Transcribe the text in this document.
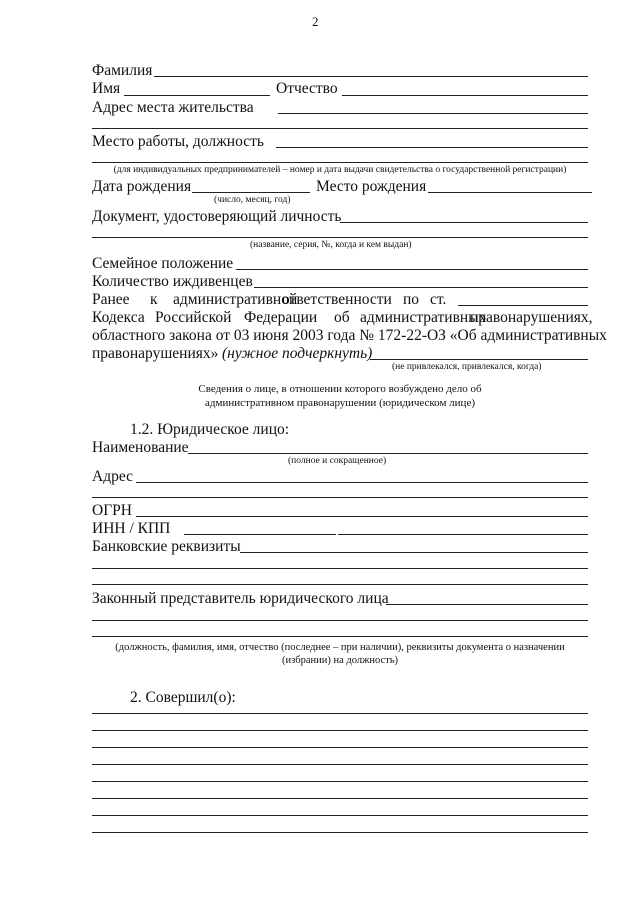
2
Фамилия
Имя	Отчество
Адрес места жительства
Место работы, должность
(для индивидуальных предпринимателей – номер и дата выдачи свидетельства о государственной регистрации)
Дата рождения	Место рождения
(число, месяц, год)
Документ, удостоверяющий личность
(название, серия, №, когда и кем выдан)
Семейное положение
Количество иждивенцев
Ранее к административной
ответственности по ст.
Кодекса Российской Федерации об административных
правонарушениях,
областного закона от 03 июня 2003 года № 172-22-ОЗ «Об административных
правонарушениях» (нужное подчеркнуть)
(не привлекался, привлекался, когда)
Сведения о лице, в отношении которого возбуждено дело об
административном правонарушении (юридическом лице)
1.2. Юридическое лицо:
Наименование
(полное и сокращенное)
Адрес
ОГРН
ИНН / КПП
Банковские реквизиты
Законный представитель юридического лица
(должность, фамилия, имя, отчество (последнее – при наличии), реквизиты документа о назначении
(избрании) на должность)
2. Совершил(о):
